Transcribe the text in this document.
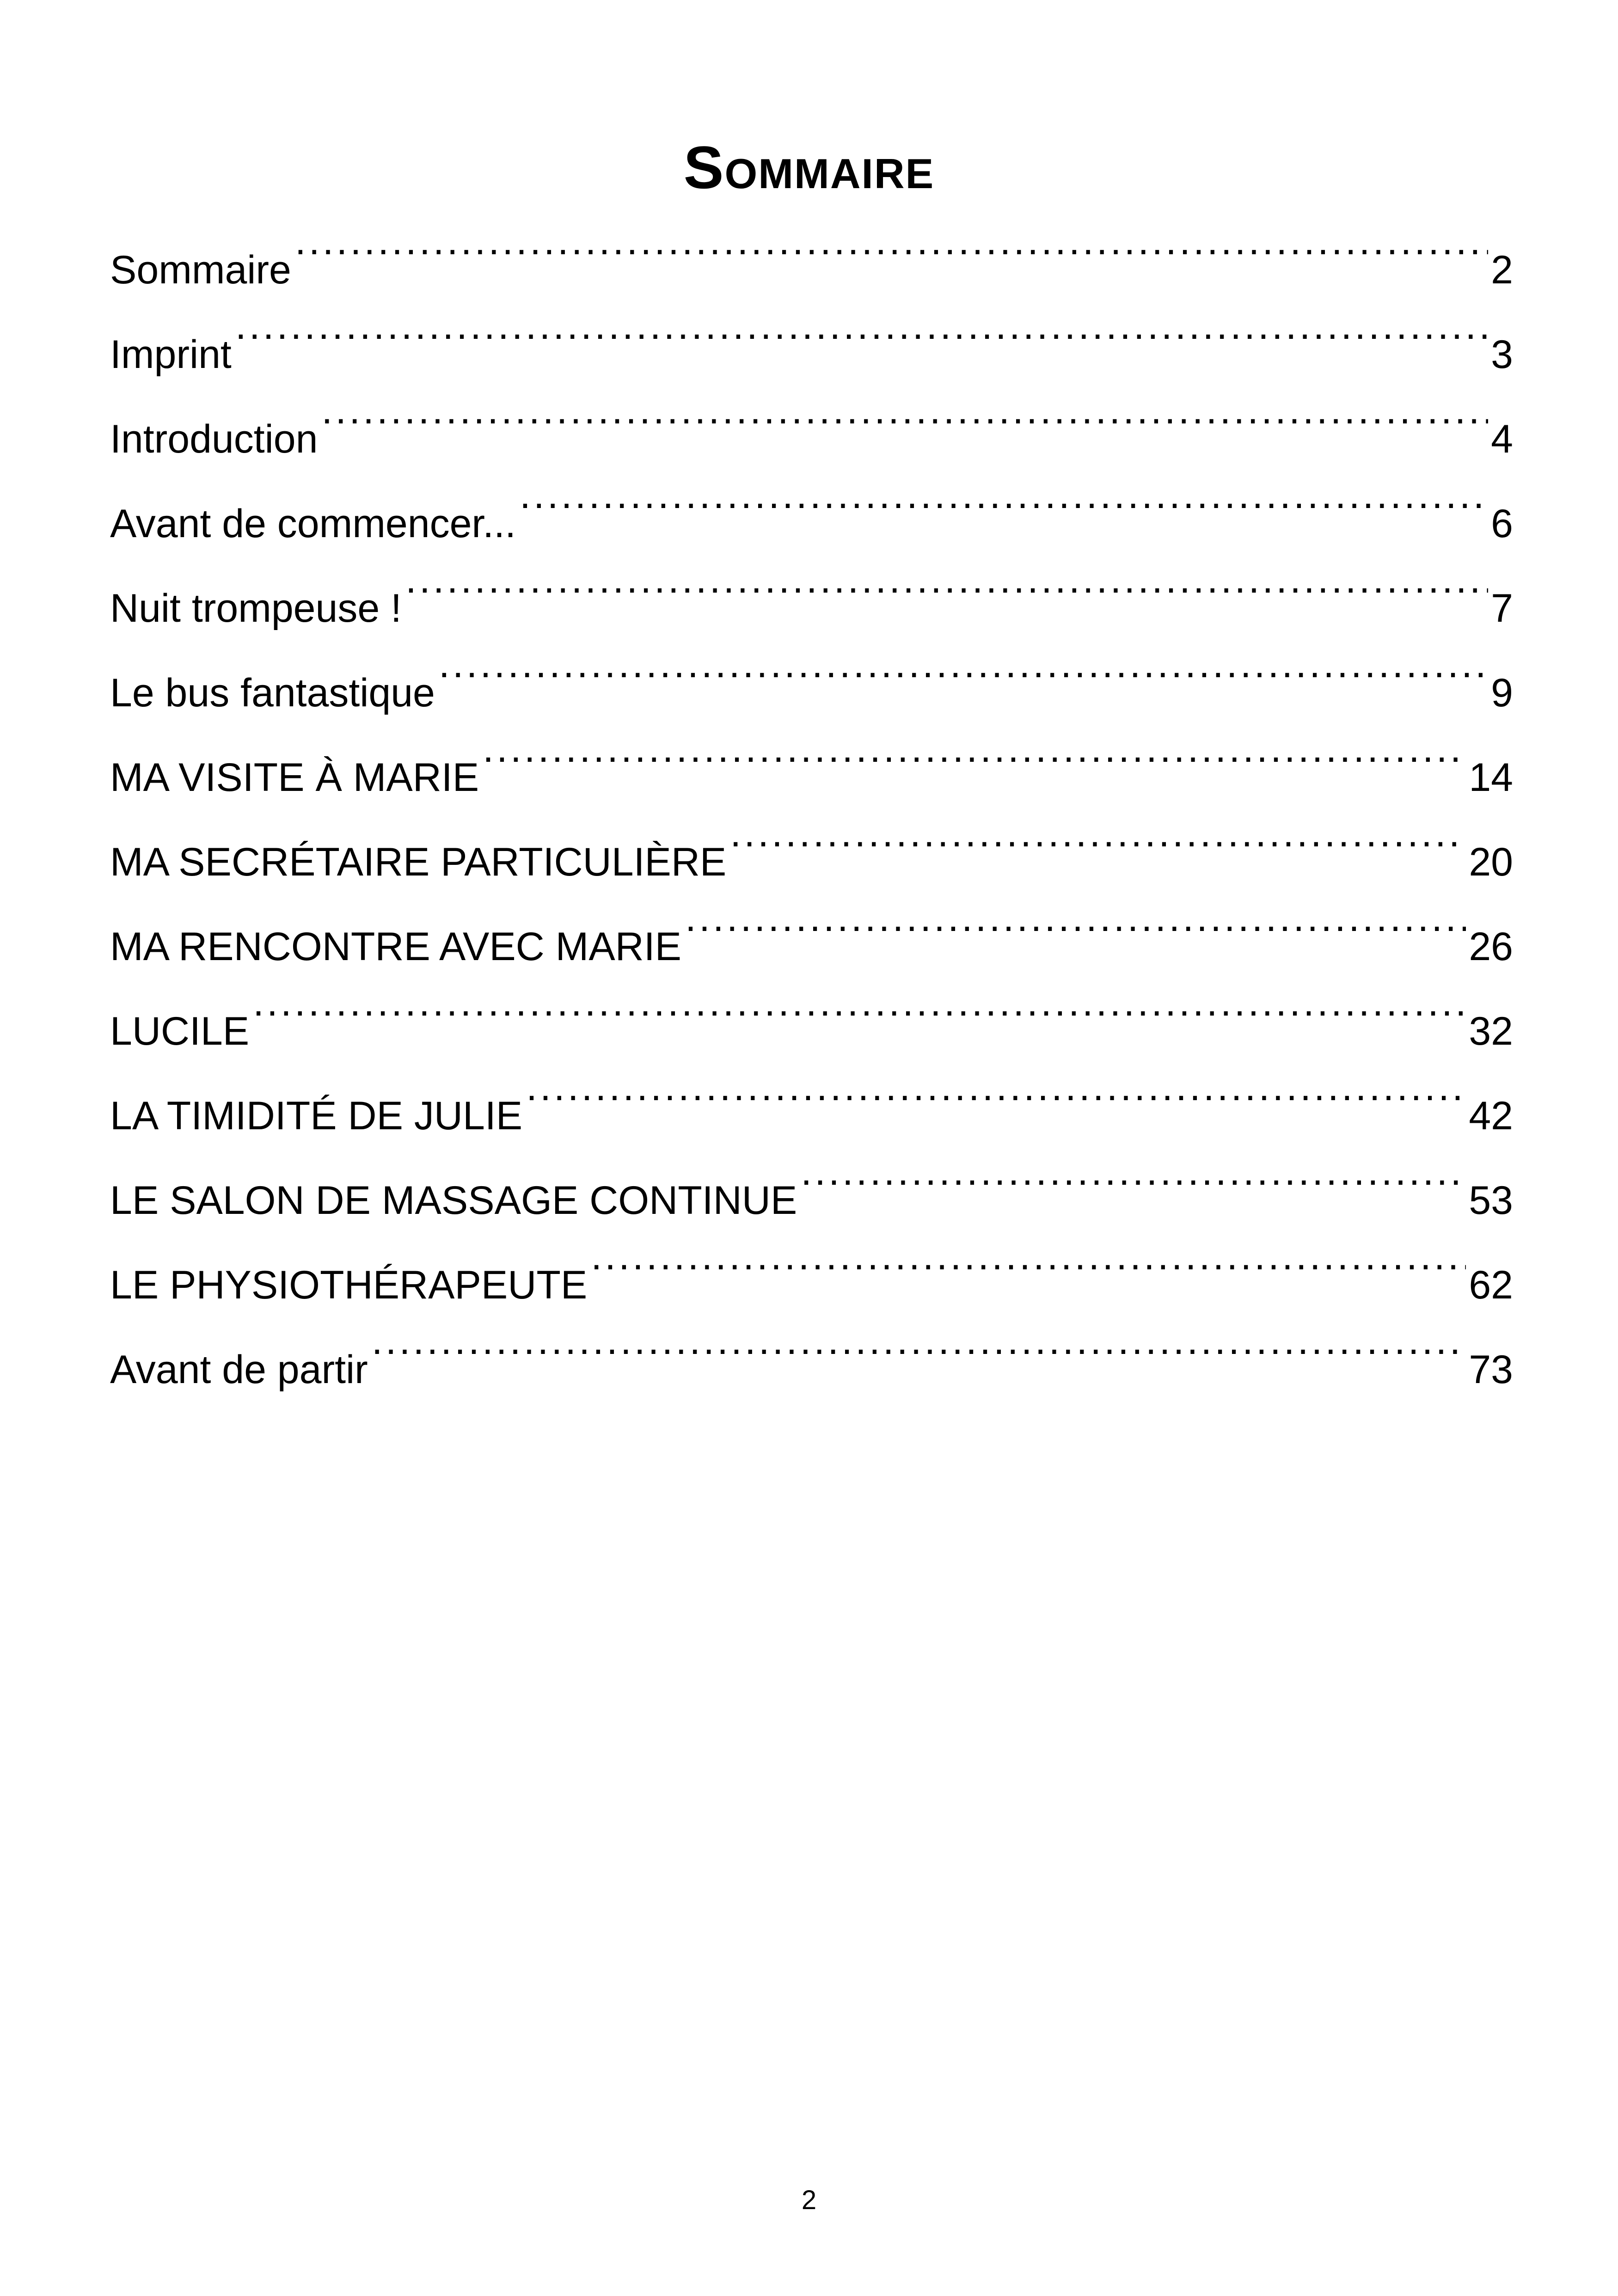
Sommaire
Sommaire .....	2
Imprint .....	3
Introduction .....	4
Avant de commencer... .....	6
Nuit trompeuse ! .....	7
Le bus fantastique .....	9
MA VISITE À MARIE .....	14
MA SECRÉTAIRE PARTICULIÈRE .....	20
MA RENCONTRE AVEC MARIE .....	26
LUCILE .....	32
LA TIMIDITÉ DE JULIE .....	42
LE SALON DE MASSAGE CONTINUE .....	53
LE PHYSIOTHÉRAPEUTE .....	62
Avant de partir .....	73
2
